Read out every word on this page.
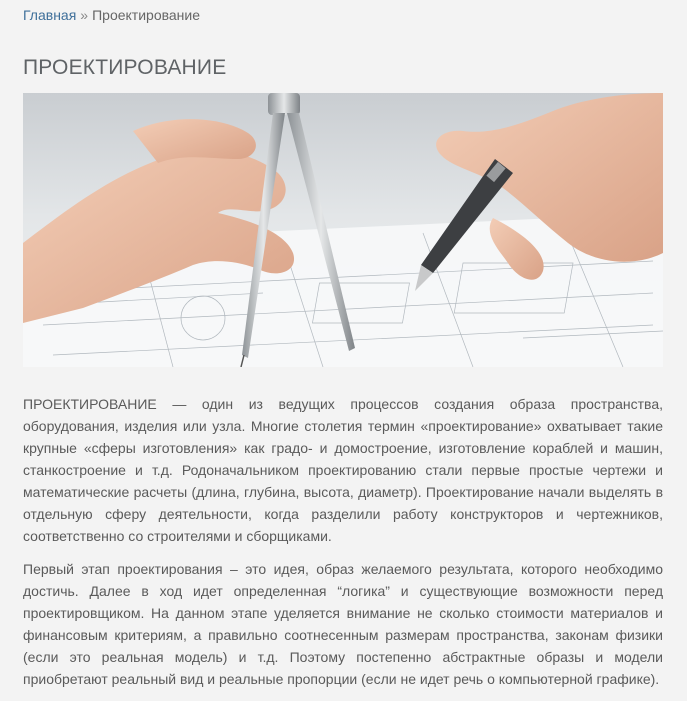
Главная » Проектирование
ПРОЕКТИРОВАНИЕ

ПРОЕКТИРОВАНИЕ — один из ведущих процессов создания образа пространства, оборудования, изделия или узла. Многие столетия термин «проектирование» охватывает такие крупные «сферы изготовления» как градо- и домостроение, изготовление кораблей и машин, станкостроение и т.д. Родоначальником проектированию стали первые простые чертежи и математические расчеты (длина, глубина, высота, диаметр). Проектирование начали выделять в отдельную сферу деятельности, когда разделили работу конструкторов и чертежников, соответственно со строителями и сборщиками.

Первый этап проектирования – это идея, образ желаемого результата, которого необходимо достичь. Далее в ход идет определенная “логика” и существующие возможности перед проектировщиком. На данном этапе уделяется внимание не сколько стоимости материалов и финансовым критериям, а правильно соотнесенным размерам пространства, законам физики (если это реальная модель) и т.д. Поэтому постепенно абстрактные образы и модели приобретают реальный вид и реальные пропорции (если не идет речь о компьютерной графике).
